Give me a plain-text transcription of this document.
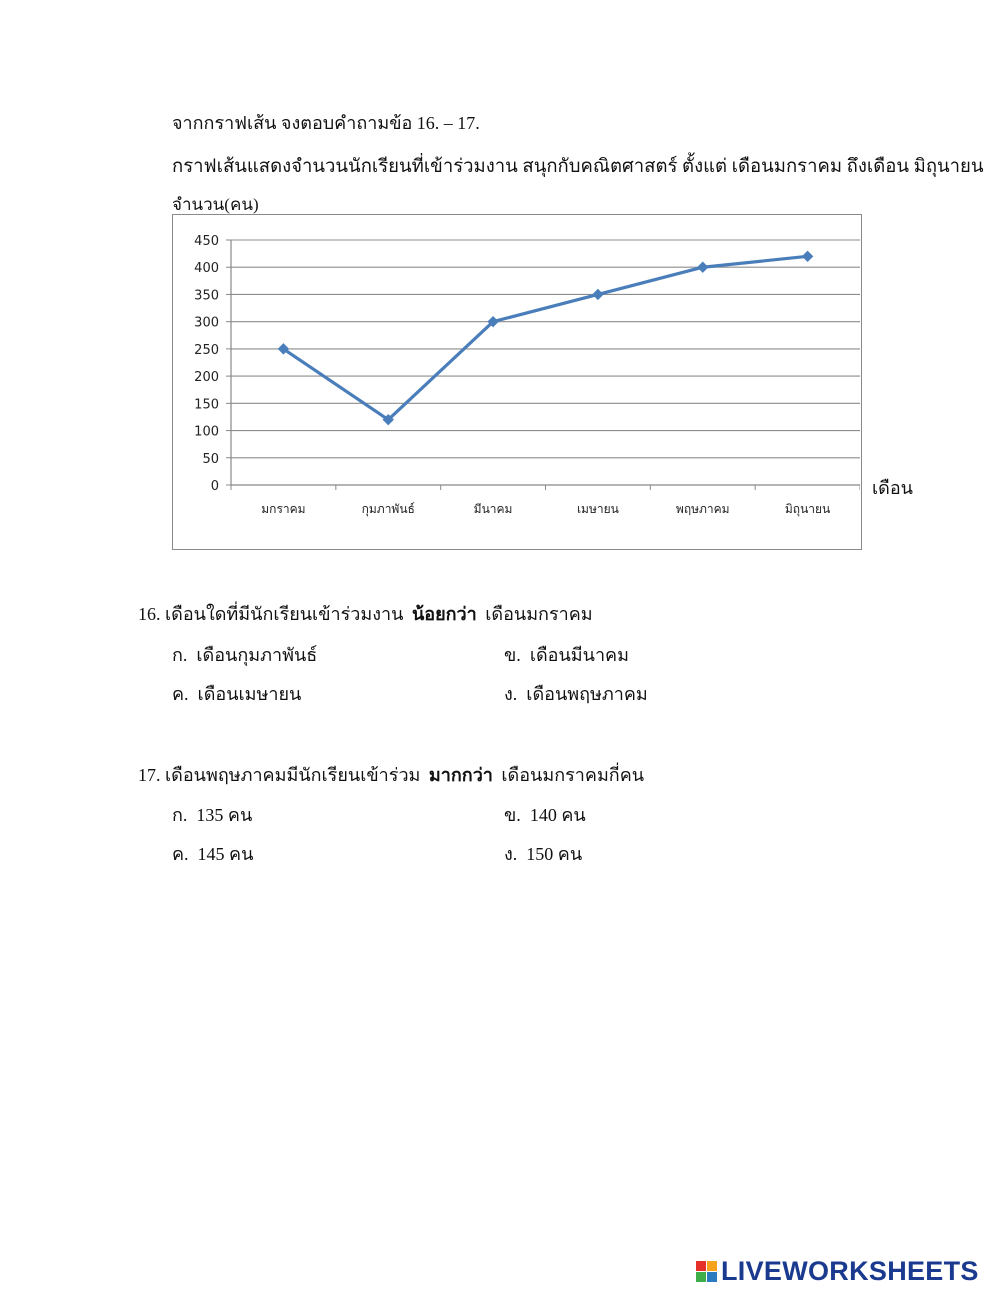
จากกราฟเส้น จงตอบคำถามข้อ 16. – 17.
กราฟเส้นแสดงจำนวนนักเรียนที่เข้าร่วมงาน สนุกกับคณิตศาสตร์ ตั้งแต่ เดือนมกราคม ถึงเดือน มิถุนายน
จำนวน(คน)
เดือน
0
50
100
150
200
250
300
350
400
450
มกราคม	กุมภาพันธ์	มีนาคม	เมษายน	พฤษภาคม	มิถุนายน
16. เดือนใดที่มีนักเรียนเข้าร่วมงาน น้อยกว่า เดือนมกราคม
ก. เดือนกุมภาพันธ์	ข. เดือนมีนาคม
ค. เดือนเมษายน	ง. เดือนพฤษภาคม
17. เดือนพฤษภาคมมีนักเรียนเข้าร่วม มากกว่า เดือนมกราคมกี่คน
ก. 135 คน	ข. 140 คน
ค. 145 คน	ง. 150 คน
LIVEWORKSHEETS
